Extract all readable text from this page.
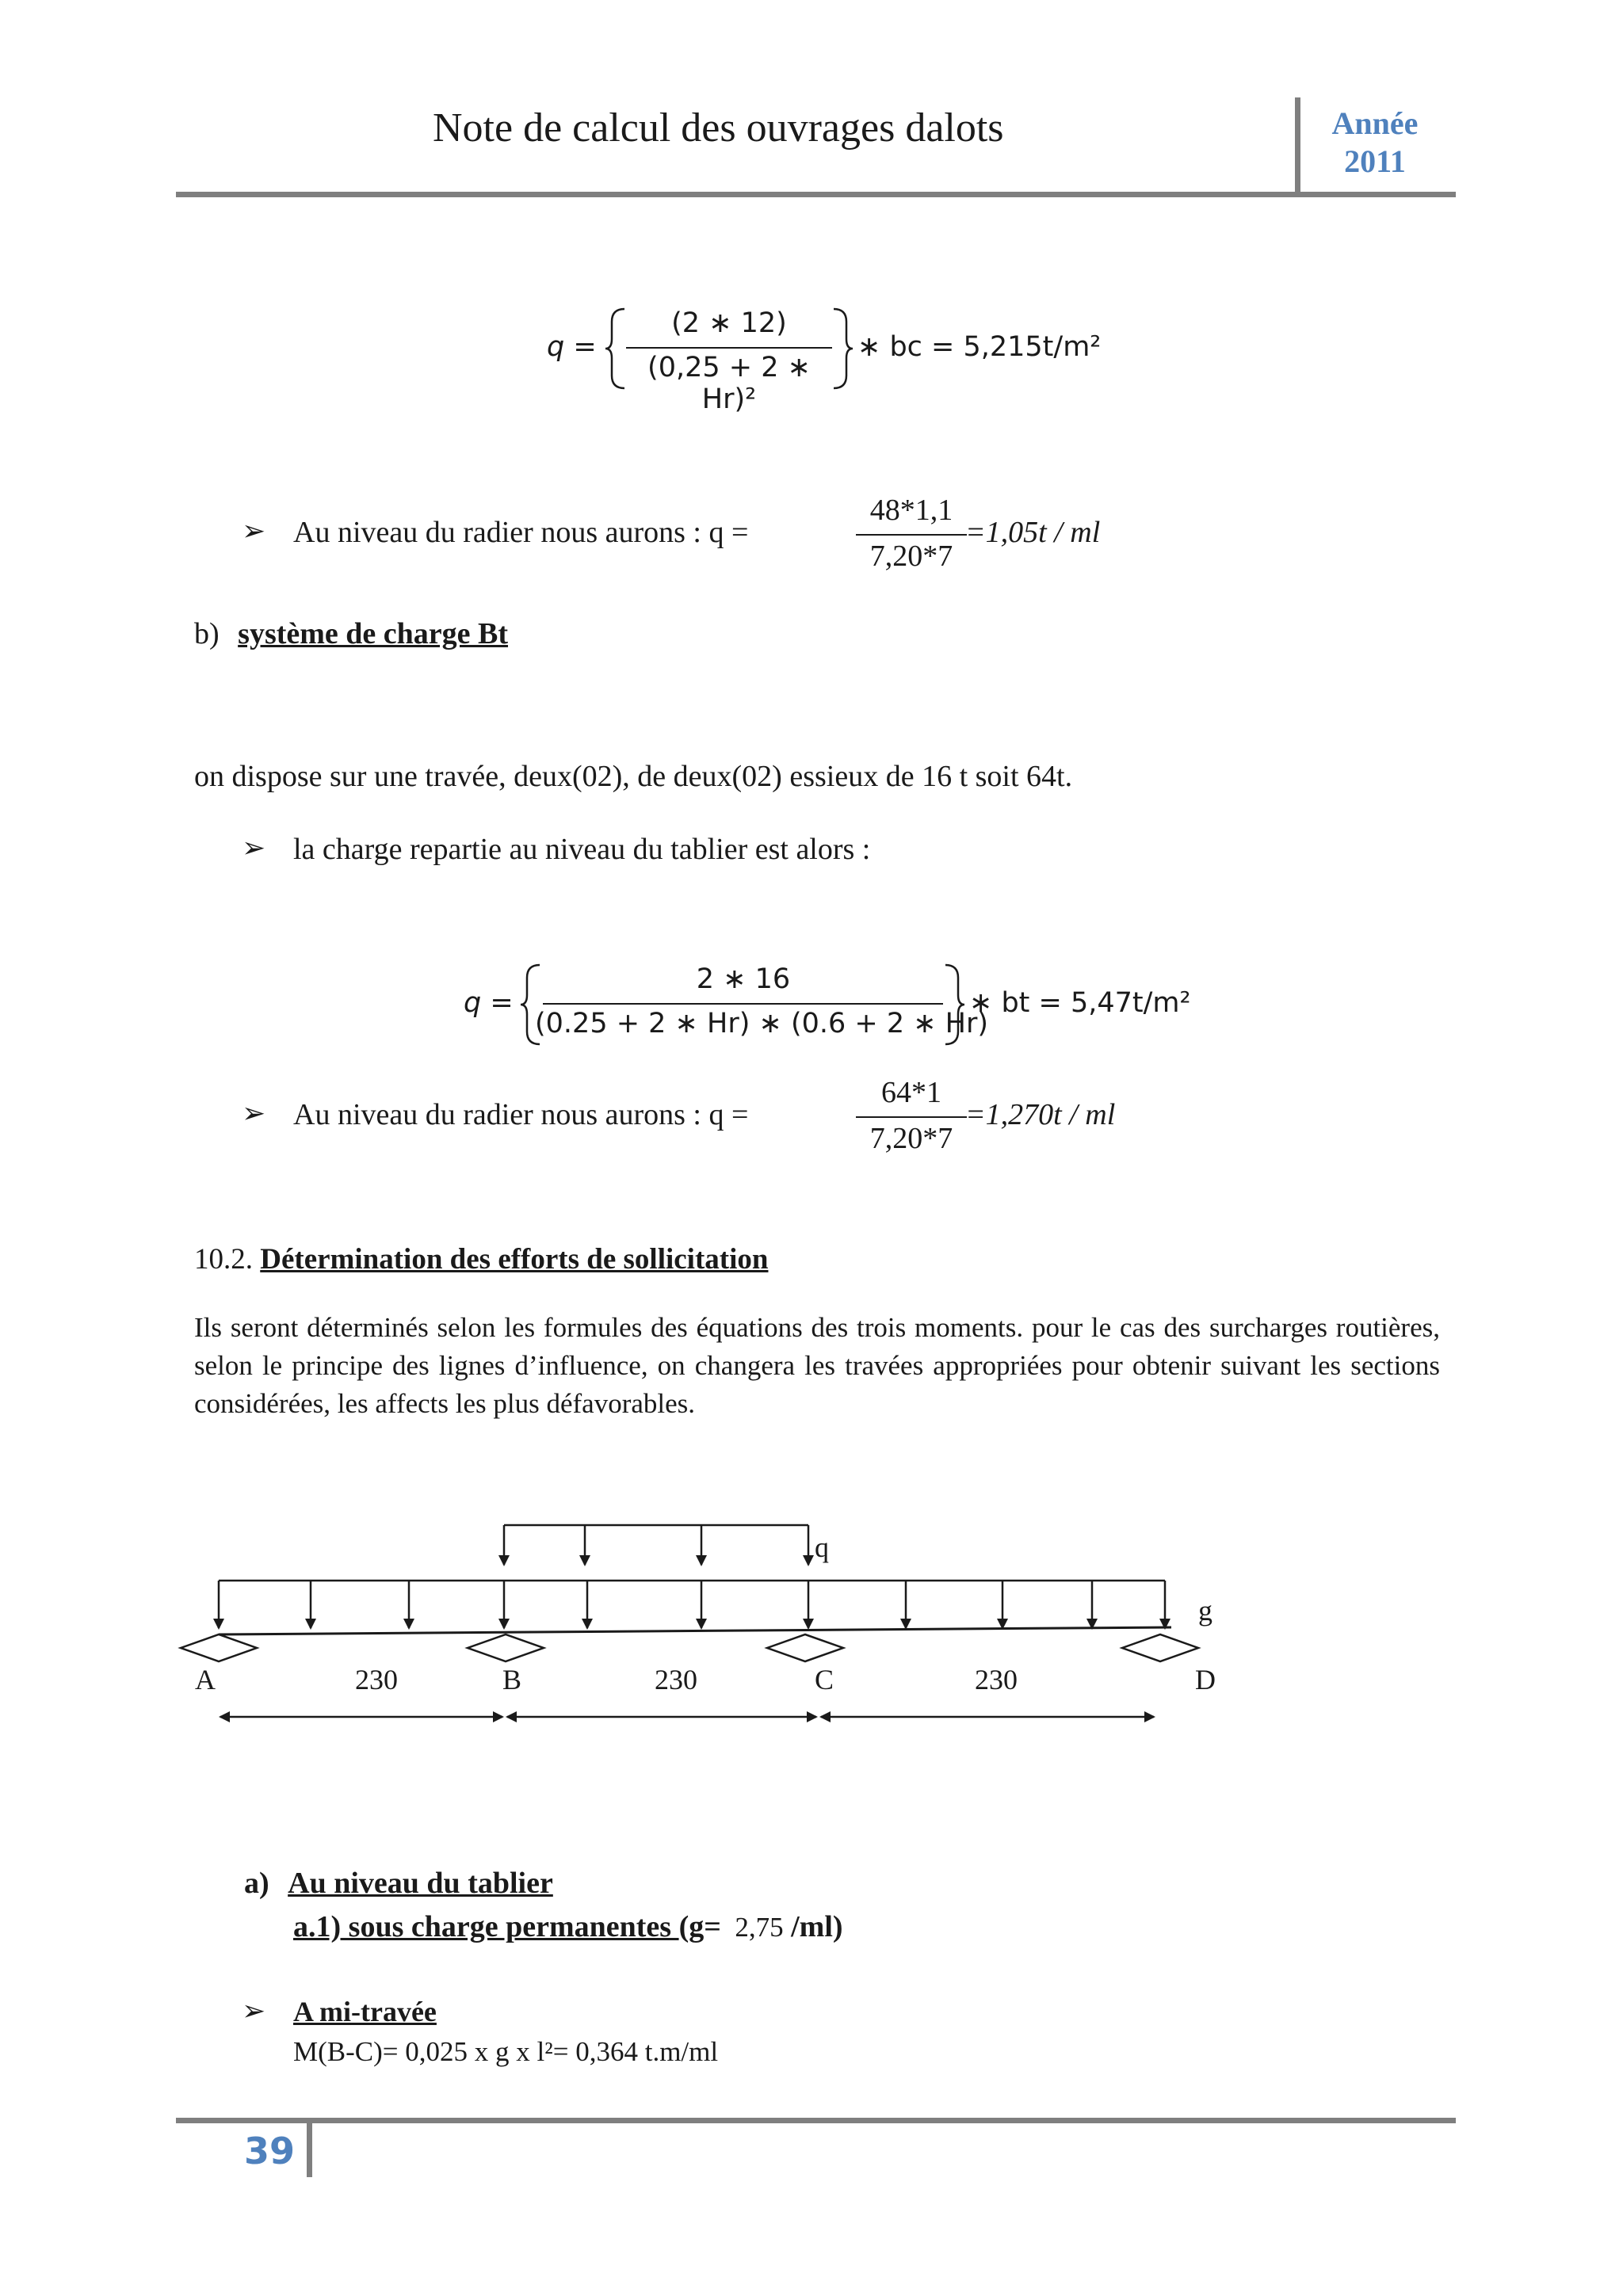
Note de calcul des ouvrages dalots	Année
2011
q =
(2 ∗ 12)
(0,25 + 2 ∗ Hr)²
∗ bc = 5,215t/m²
➢ Au niveau du radier nous aurons : q =
48*1,1
7,20*7
=1,05t / ml
b) système de charge Bt
on dispose sur une travée, deux(02), de deux(02) essieux de 16 t soit 64t.
➢ la charge repartie au niveau du tablier est alors :
q =
2 ∗ 16
(0.25 + 2 ∗ Hr) ∗ (0.6 + 2 ∗ Hr)
∗ bt = 5,47t/m²
➢ Au niveau du radier nous aurons : q =
64*1
7,20*7
=1,270t / ml
10.2. Détermination des efforts de sollicitation
Ils seront déterminés selon les formules des équations des trois moments. pour le cas des surcharges routières, selon le principe des lignes d’influence, on changera les travées appropriées pour obtenir suivant les sections considérées, les affects les plus défavorables.
q
g
A	B	C	D
230	230	230
a) Au niveau du tablier
a.1) sous charge permanentes (g= 2,75 /ml)
➢ A mi-travée
M(B-C)= 0,025 x g x l²= 0,364 t.m/ml
39
